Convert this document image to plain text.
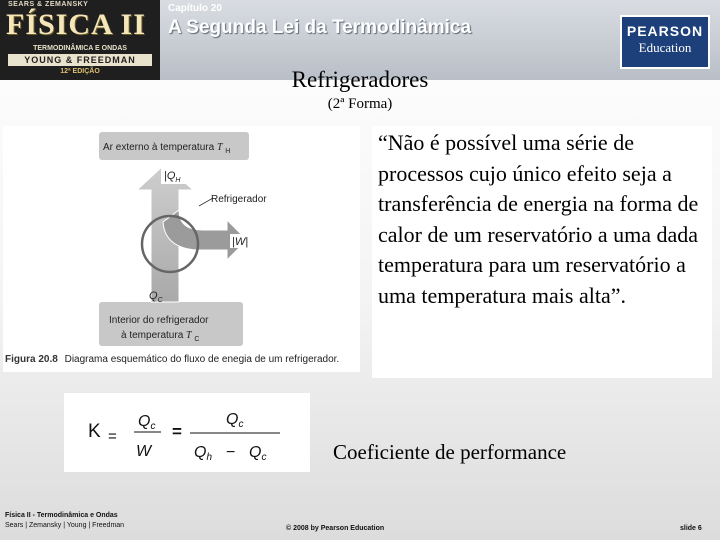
SEARS & ZEMANSKY
FÍSICA II
TERMODINÂMICA E ONDAS
YOUNG & FREEDMAN
12ª EDIÇÃO
Capítulo 20
A Segunda Lei da Termodinâmica	PEARSON
Education
Refrigeradores
(2ª Forma)
Ar externo à temperatura T $_H$
Interior do refrigerador
à temperatura T $_C$
$|Q_H$
Refrigerador
|W|
$Q_C$
Figura 20.8 Diagrama esquemático do fluxo de enegia de um refrigerador.
“Não é possível uma série de processos cujo único efeito seja a transferência de energia na forma de calor de um reservatório a uma dada temperatura para um reservatório a uma temperatura mais alta”.
K =
Qc
W
=
Qc
Qh − Qc	Coeficiente de performance
Física II - Termodinâmica e Ondas
Sears | Zemansky | Young | Freedman	© 2008 by Pearson Education	slide 6
